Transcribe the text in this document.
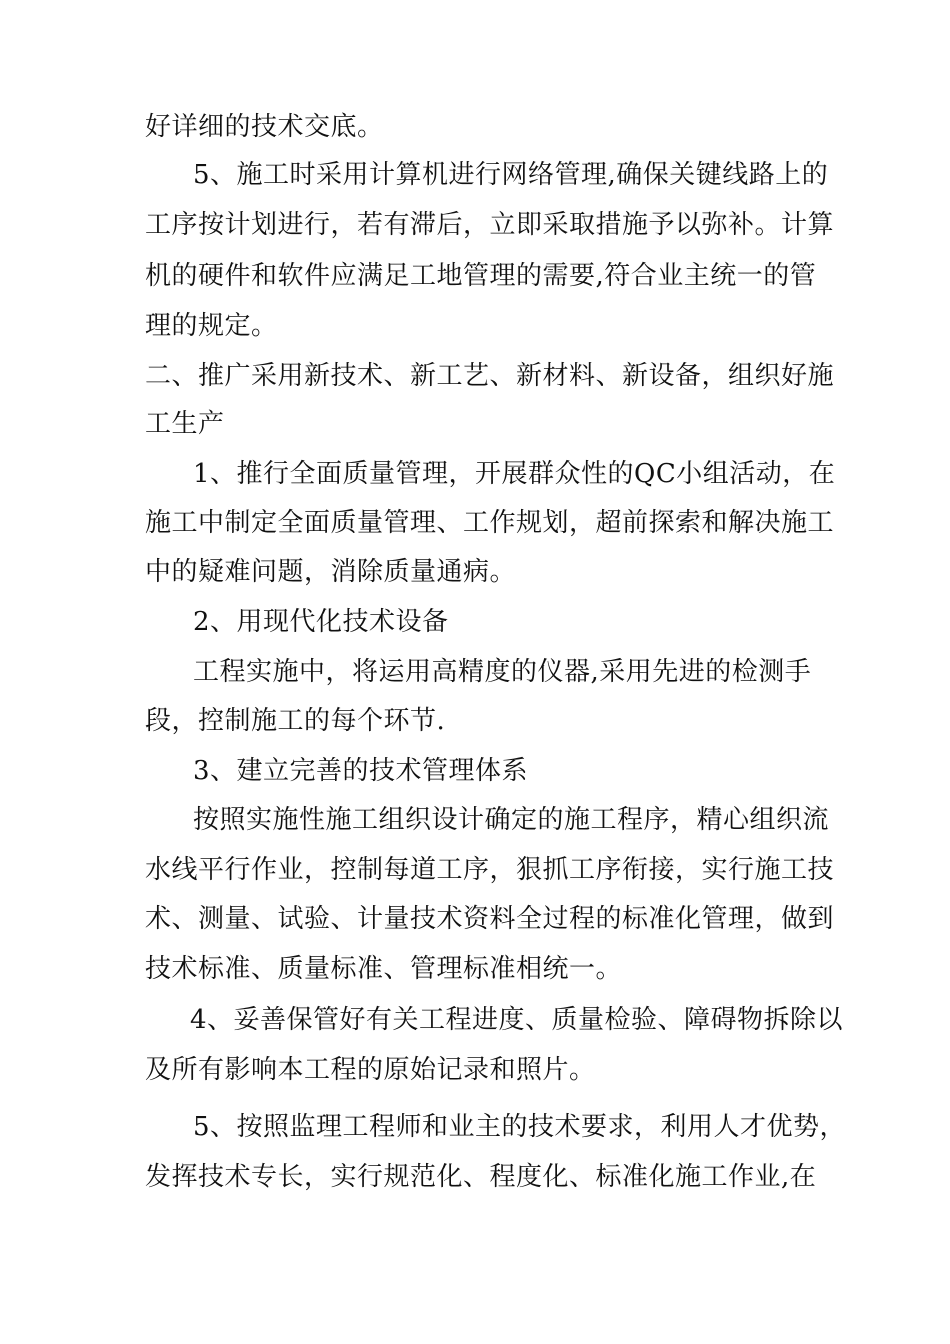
好详细的技术交底。
5、施工时采用计算机进行网络管理,确保关键线路上的
工序按计划进行，若有滞后，立即采取措施予以弥补。计算
机的硬件和软件应满足工地管理的需要,符合业主统一的管
理的规定。
二、推广采用新技术、新工艺、新材料、新设备，组织好施
工生产
1、推行全面质量管理，开展群众性的QC小组活动，在
施工中制定全面质量管理、工作规划，超前探索和解决施工
中的疑难问题，消除质量通病。
2、用现代化技术设备
工程实施中，将运用高精度的仪器,采用先进的检测手
段，控制施工的每个环节.
3、建立完善的技术管理体系
按照实施性施工组织设计确定的施工程序，精心组织流
水线平行作业，控制每道工序，狠抓工序衔接，实行施工技
术、测量、试验、计量技术资料全过程的标准化管理，做到
技术标准、质量标准、管理标准相统一。
4、妥善保管好有关工程进度、质量检验、障碍物拆除以
及所有影响本工程的原始记录和照片。
5、按照监理工程师和业主的技术要求，利用人才优势，
发挥技术专长，实行规范化、程度化、标准化施工作业,在
